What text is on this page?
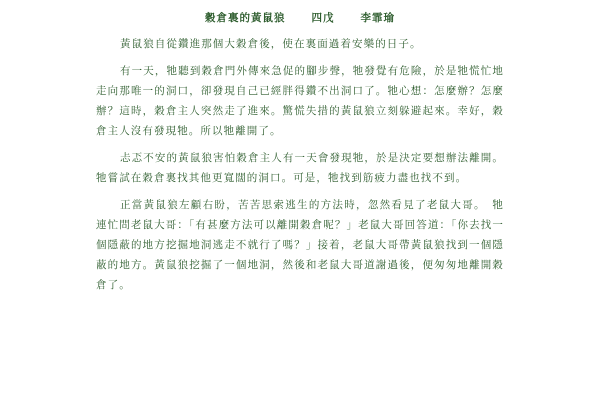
穀倉裏的黃鼠狼 四戊 李霏瑜

黃鼠狼自從鑽進那個大穀倉後，使在裏面過着安樂的日子。

有一天，牠聽到穀倉門外傳來急促的腳步聲，牠發覺有危險，於是牠慌忙地走向那唯一的洞口，卻發現自己已經胖得鑽不出洞口了。牠心想：怎麼辦？怎麼辦？這時，穀倉主人突然走了進來。驚慌失措的黃鼠狼立刻躲避起來。幸好，穀倉主人沒有發現牠。所以牠離開了。

忐忑不安的黃鼠狼害怕穀倉主人有一天會發現牠，於是決定要想辦法離開。牠嘗試在穀倉裏找其他更寬闊的洞口。可是，牠找到筋疲力盡也找不到。

正當黃鼠狼左顧右盼，苦苦思索逃生的方法時，忽然看見了老鼠大哥。　牠連忙問老鼠大哥：「有甚麼方法可以離開穀倉呢？」老鼠大哥回答道：「你去找一個隱蔽的地方挖掘地洞逃走不就行了嗎？」接着，老鼠大哥帶黃鼠狼找到一個隱蔽的地方。黃鼠狼挖掘了一個地洞，然後和老鼠大哥道謝過後，便匆匆地離開穀倉了。
